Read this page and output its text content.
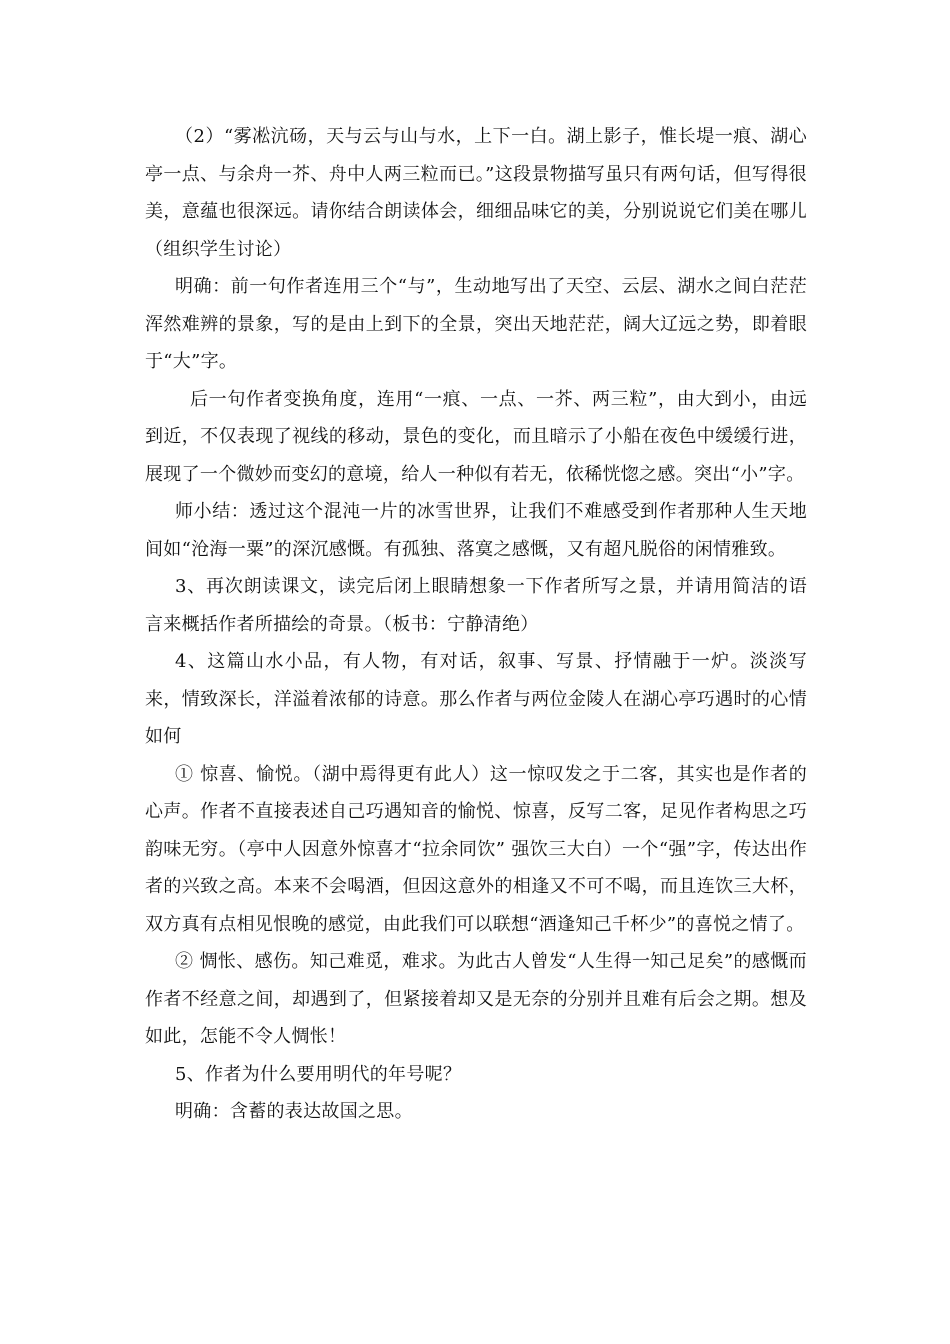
（2）“雾凇沆砀，天与云与山与水，上下一白。湖上影子，惟长堤一痕、湖心亭一点、与余舟一芥、舟中人两三粒而已。”这段景物描写虽只有两句话，但写得很美，意蕴也很深远。请你结合朗读体会，细细品味它的美，分别说说它们美在哪儿（组织学生讨论）

明确：前一句作者连用三个“与”，生动地写出了天空、云层、湖水之间白茫茫浑然难辨的景象，写的是由上到下的全景，突出天地茫茫，阔大辽远之势，即着眼于“大”字。

后一句作者变换角度，连用“一痕、一点、一芥、两三粒”，由大到小，由远到近，不仅表现了视线的移动，景色的变化，而且暗示了小船在夜色中缓缓行进，展现了一个微妙而变幻的意境，给人一种似有若无，依稀恍惚之感。突出“小”字。

师小结：透过这个混沌一片的冰雪世界，让我们不难感受到作者那种人生天地间如“沧海一粟”的深沉感慨。有孤独、落寞之感慨，又有超凡脱俗的闲情雅致。

3、再次朗读课文，读完后闭上眼睛想象一下作者所写之景，并请用简洁的语言来概括作者所描绘的奇景。（板书：宁静清绝）

4、这篇山水小品，有人物，有对话，叙事、写景、抒情融于一炉。淡淡写来，情致深长，洋溢着浓郁的诗意。那么作者与两位金陵人在湖心亭巧遇时的心情如何

① 惊喜、愉悦。（湖中焉得更有此人）这一惊叹发之于二客，其实也是作者的心声。作者不直接表述自己巧遇知音的愉悦、惊喜，反写二客，足见作者构思之巧韵味无穷。（亭中人因意外惊喜才“拉余同饮” 强饮三大白）一个“强”字，传达出作者的兴致之高。本来不会喝酒，但因这意外的相逢又不可不喝，而且连饮三大杯，双方真有点相见恨晚的感觉，由此我们可以联想“酒逢知己千杯少”的喜悦之情了。

② 惆怅、感伤。知己难觅，难求。为此古人曾发“人生得一知己足矣”的感慨而作者不经意之间，却遇到了，但紧接着却又是无奈的分别并且难有后会之期。想及如此，怎能不令人惆怅！

5、作者为什么要用明代的年号呢？

明确：含蓄的表达故国之思。
